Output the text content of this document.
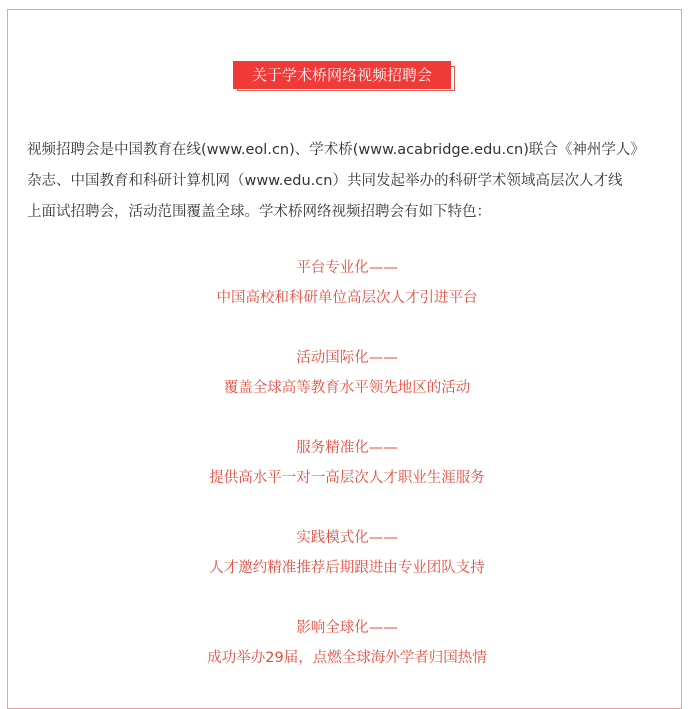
关于学术桥网络视频招聘会

视频招聘会是中国教育在线(www.eol.cn)、学术桥(www.acabridge.edu.cn)联合《神州学人》

杂志、中国教育和科研计算机网（www.edu.cn）共同发起举办的科研学术领域高层次人才线

上面试招聘会，活动范围覆盖全球。学术桥网络视频招聘会有如下特色：

平台专业化——
中国高校和科研单位高层次人才引进平台
活动国际化——
覆盖全球高等教育水平领先地区的活动
服务精准化——
提供高水平一对一高层次人才职业生涯服务
实践模式化——
人才邀约精准推荐后期跟进由专业团队支持
影响全球化——
成功举办29届，点燃全球海外学者归国热情
